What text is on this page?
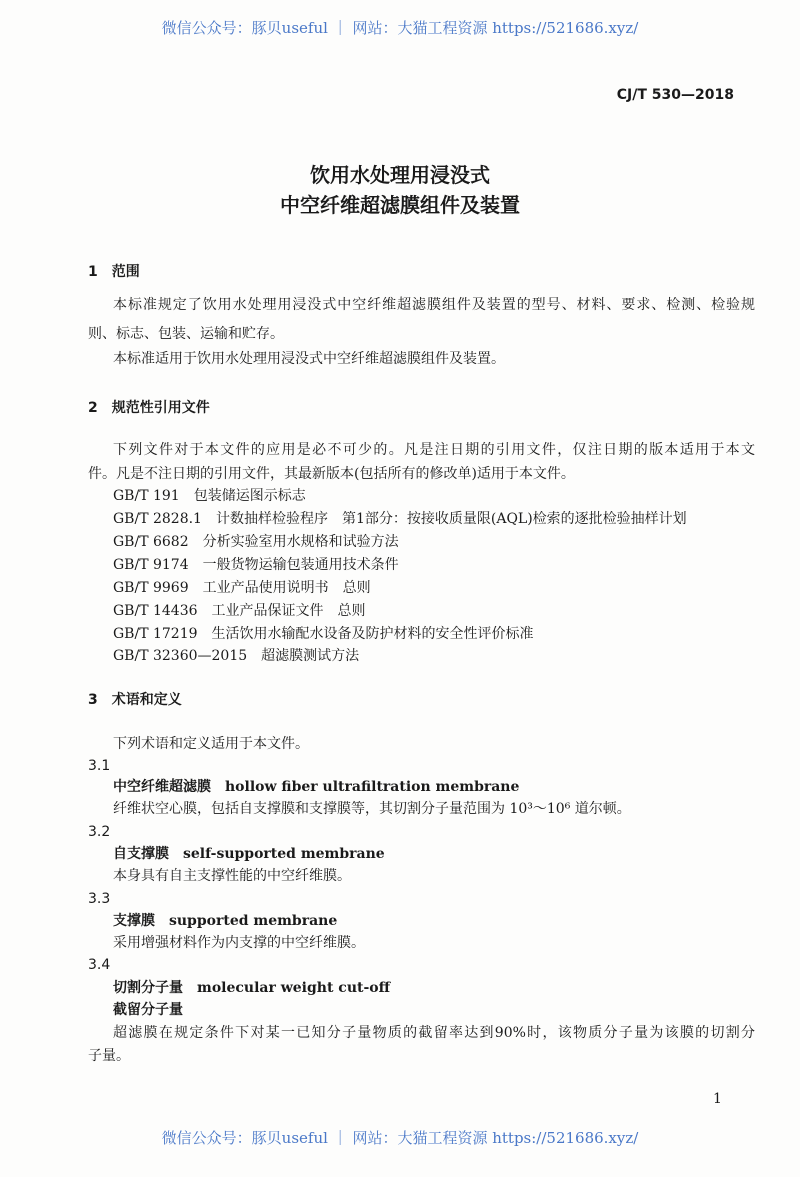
微信公众号：豚贝useful ｜ 网站：大猫工程资源 https://521686.xyz/
CJ/T 530—2018
饮用水处理用浸没式
中空纤维超滤膜组件及装置
1　范围
本标准规定了饮用水处理用浸没式中空纤维超滤膜组件及装置的型号、材料、要求、检测、检验规
则、标志、包装、运输和贮存。
本标准适用于饮用水处理用浸没式中空纤维超滤膜组件及装置。
2　规范性引用文件
下列文件对于本文件的应用是必不可少的。凡是注日期的引用文件，仅注日期的版本适用于本文
件。凡是不注日期的引用文件，其最新版本(包括所有的修改单)适用于本文件。
GB/T 191　包装储运图示标志
GB/T 2828.1　计数抽样检验程序　第1部分：按接收质量限(AQL)检索的逐批检验抽样计划
GB/T 6682　分析实验室用水规格和试验方法
GB/T 9174　一般货物运输包装通用技术条件
GB/T 9969　工业产品使用说明书　总则
GB/T 14436　工业产品保证文件　总则
GB/T 17219　生活饮用水输配水设备及防护材料的安全性评价标准
GB/T 32360—2015　超滤膜测试方法
3　术语和定义
下列术语和定义适用于本文件。
3.1
中空纤维超滤膜　hollow fiber ultrafiltration membrane
纤维状空心膜，包括自支撑膜和支撑膜等，其切割分子量范围为 10³～10⁶ 道尔顿。
3.2
自支撑膜　self-supported membrane
本身具有自主支撑性能的中空纤维膜。
3.3
支撑膜　supported membrane
采用增强材料作为内支撑的中空纤维膜。
3.4
切割分子量　molecular weight cut-off
截留分子量
超滤膜在规定条件下对某一已知分子量物质的截留率达到90%时，该物质分子量为该膜的切割分
子量。
1
微信公众号：豚贝useful ｜ 网站：大猫工程资源 https://521686.xyz/
